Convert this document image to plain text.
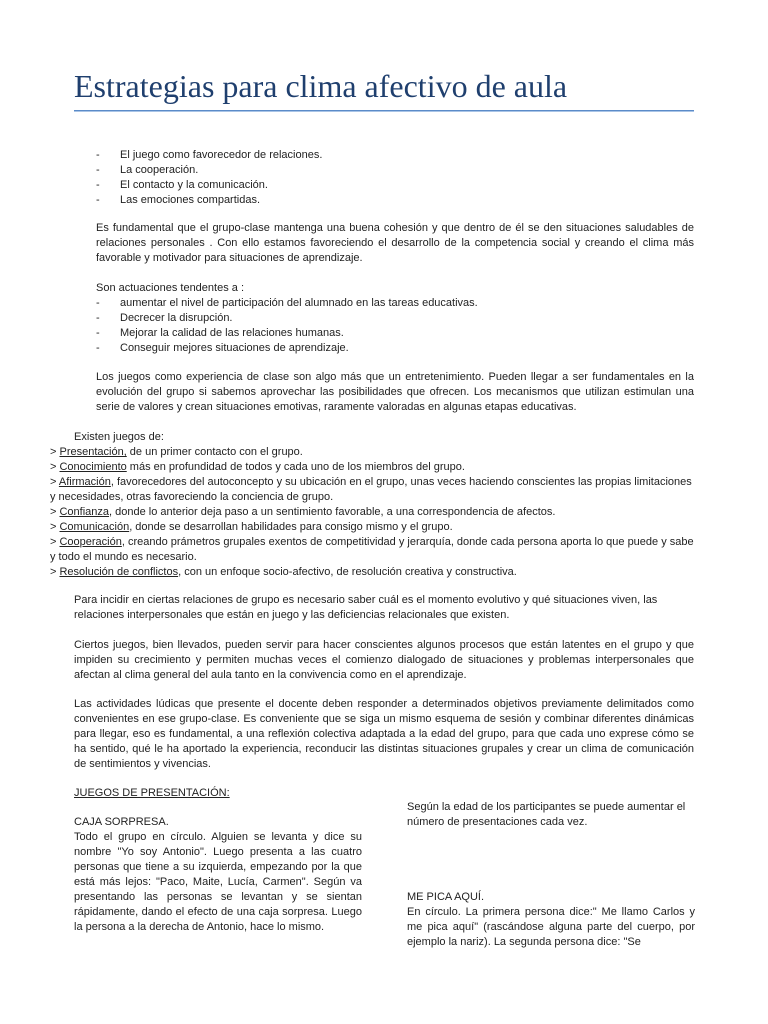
Estrategias para clima afectivo de aula
- El juego como favorecedor de relaciones.
- La cooperación.
- El contacto y la comunicación.
- Las emociones compartidas.

Es fundamental que el grupo-clase mantenga una buena cohesión y que dentro de él se den situaciones saludables de relaciones personales . Con ello estamos favoreciendo el desarrollo de la competencia social y creando el clima más favorable y motivador para situaciones de aprendizaje.

Son actuaciones tendentes a :

- aumentar el nivel de participación del alumnado en las tareas educativas.
- Decrecer la disrupción.
- Mejorar la calidad de las relaciones humanas.
- Conseguir mejores situaciones de aprendizaje.

Los juegos como experiencia de clase son algo más que un entretenimiento. Pueden llegar a ser fundamentales en la evolución del grupo si sabemos aprovechar las posibilidades que ofrecen. Los mecanismos que utilizan estimulan una serie de valores y crean situaciones emotivas, raramente valoradas en algunas etapas educativas.

Existen juegos de:

> Presentación, de un primer contacto con el grupo.

> Conocimiento más en profundidad de todos y cada uno de los miembros del grupo.

> Afirmación, favorecedores del autoconcepto y su ubicación en el grupo, unas veces haciendo conscientes las propias limitaciones y necesidades, otras favoreciendo la conciencia de grupo.

> Confianza, donde lo anterior deja paso a un sentimiento favorable, a una correspondencia de afectos.

> Comunicación, donde se desarrollan habilidades para consigo mismo y el grupo.

> Cooperación, creando prámetros grupales exentos de competitividad y jerarquía, donde cada persona aporta lo que puede y sabe y todo el mundo es necesario.

> Resolución de conflictos, con un enfoque socio-afectivo, de resolución creativa y constructiva.

Para incidir en ciertas relaciones de grupo es necesario saber cuál es el momento evolutivo y qué situaciones viven, las relaciones interpersonales que están en juego y las deficiencias relacionales que existen.

Ciertos juegos, bien llevados, pueden servir para hacer conscientes algunos procesos que están latentes en el grupo y que impiden su crecimiento y permiten muchas veces el comienzo dialogado de situaciones y problemas interpersonales que afectan al clima general del aula tanto en la convivencia como en el aprendizaje.

Las actividades lúdicas que presente el docente deben responder a determinados objetivos previamente delimitados como convenientes en ese grupo-clase. Es conveniente que se siga un mismo esquema de sesión y combinar diferentes dinámicas para llegar, eso es fundamental, a una reflexión colectiva adaptada a la edad del grupo, para que cada uno exprese cómo se ha sentido, qué le ha aportado la experiencia, reconducir las distintas situaciones grupales y crear un clima de comunicación de sentimientos y vivencias.

JUEGOS DE PRESENTACIÓN:

CAJA SORPRESA.

Todo el grupo en círculo. Alguien se levanta y dice su nombre "Yo soy Antonio". Luego presenta a las cuatro personas que tiene a su izquierda, empezando por la que está más lejos: "Paco, Maite, Lucía, Carmen". Según va presentando las personas se levantan y se sientan rápidamente, dando el efecto de una caja sorpresa. Luego la persona a la derecha de Antonio, hace lo mismo.

Según la edad de los participantes se puede aumentar el número de presentaciones cada vez.

ME PICA AQUÍ.

En círculo. La primera persona dice:" Me llamo Carlos y me pica aquí" (rascándose alguna parte del cuerpo, por ejemplo la nariz). La segunda persona dice: "Se
